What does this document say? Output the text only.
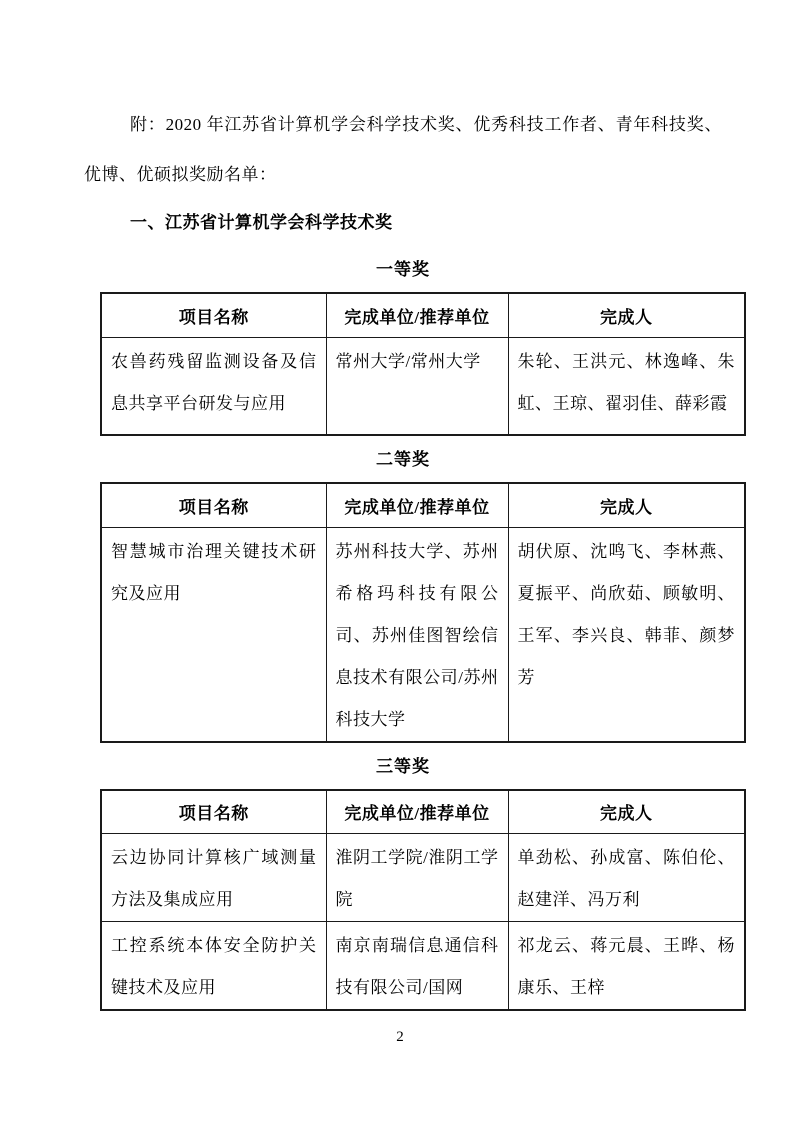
附：2020 年江苏省计算机学会科学技术奖、优秀科技工作者、青年科技奖、优博、优硕拟奖励名单：

一、江苏省计算机学会科学技术奖
一等奖
项目名称	完成单位/推荐单位	完成人
农兽药残留监测设备及信息共享平台研发与应用	常州大学/常州大学	朱轮、王洪元、林逸峰、朱虹、王琼、翟羽佳、薛彩霞
二等奖
项目名称	完成单位/推荐单位	完成人
智慧城市治理关键技术研究及应用	苏州科技大学、苏州希格玛科技有限公司、苏州佳图智绘信息技术有限公司/苏州科技大学	胡伏原、沈鸣飞、李林燕、夏振平、尚欣茹、顾敏明、王军、李兴良、韩菲、颜梦芳
三等奖
项目名称	完成单位/推荐单位	完成人
云边协同计算核广域测量方法及集成应用	淮阴工学院/淮阴工学院	单劲松、孙成富、陈伯伦、赵建洋、冯万利
工控系统本体安全防护关键技术及应用	南京南瑞信息通信科技有限公司/国网	祁龙云、蒋元晨、王晔、杨康乐、王梓
2
